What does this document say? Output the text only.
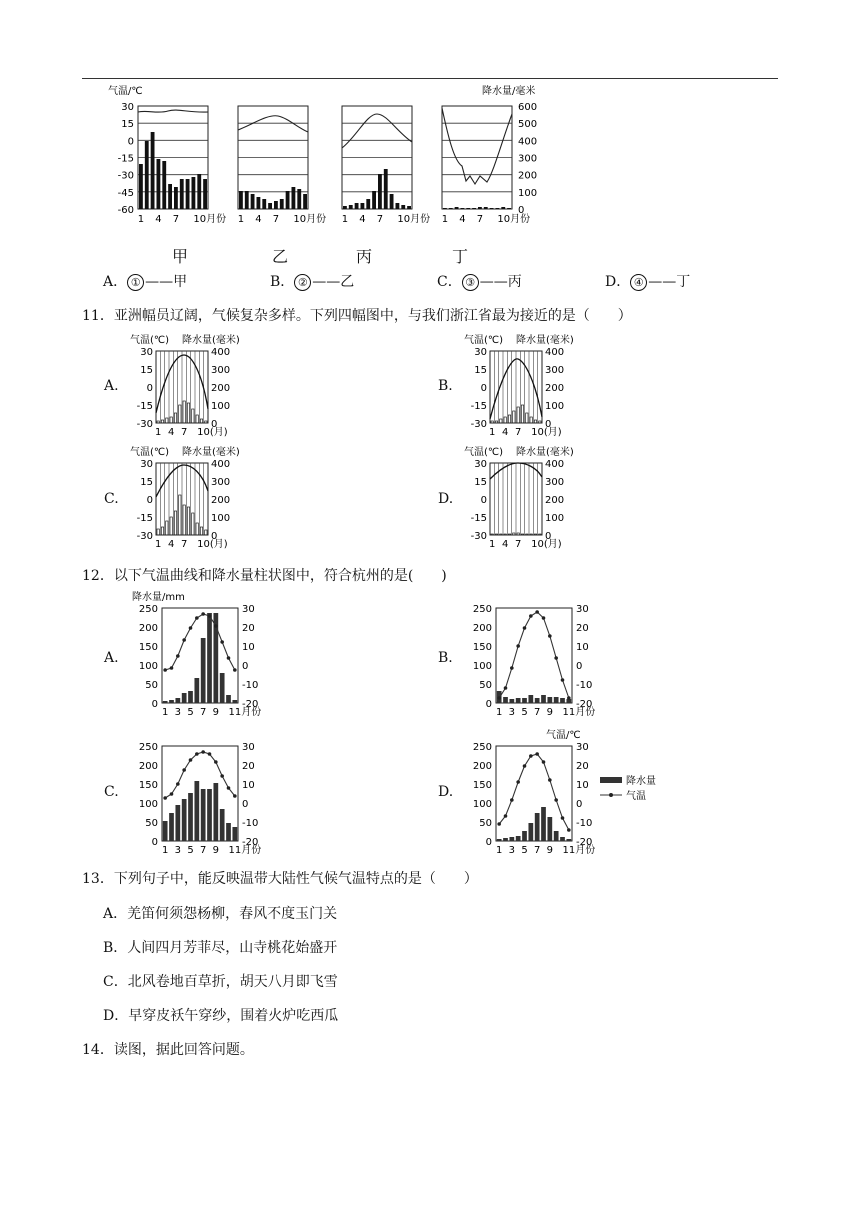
气温/℃	降水量/毫米
30
15
0
-15
-30
-45
-60
600
500
400
300
200
100
0
1 4 7 10月份 1 4 7 10月份 1 4 7 10月份 1 4 7 10月份
甲	乙	丙	丁
A． ① ——甲	B． ② ——乙	C． ③ ——丙	D． ④ ——丁
11．亚洲幅员辽阔，气候复杂多样。下列四幅图中，与我们浙江省最为接近的是（　　）
A.	B.
C.	D.
气温(℃) 降水量(毫米)
30	400
15	300
0	200
-15	100
-30	0
1 4 7 10(月)
气温(℃) 降水量(毫米)
30	400
15	300
0	200
-15	100
-30	0
1 4 7 10(月)
气温(℃) 降水量(毫米)
30	400
15	300
0	200
-15	100
-30	0
1 4 7 10(月)
气温(℃) 降水量(毫米)
30	400
15	300
0	200
-15	100
-30	0
1 4 7 10(月)
12．以下气温曲线和降水量柱状图中，符合杭州的是(　　)
A.	B.
C.	D.
降水量/mm
250	30
200	20
150	10
100	0
50	-10
0	-20
1 3 5 7 9 11月份
250	30
200	20
150	10
100	0
50	-10
0	-20
1 3 5 7 9 11月份
250	30
200	20
150	10
100	0
50	-10
0	-20
1 3 5 7 9 11月份
气温/℃
250	30
200	20
150	10
100	0
50	-10
0	-20
1 3 5 7 9 11月份
降水量
气温
13．下列句子中，能反映温带大陆性气候气温特点的是（　　）
A．羌笛何须怨杨柳，春风不度玉门关
B．人间四月芳菲尽，山寺桃花始盛开
C．北风卷地百草折，胡天八月即飞雪
D．早穿皮袄午穿纱，围着火炉吃西瓜
14．读图，据此回答问题。
